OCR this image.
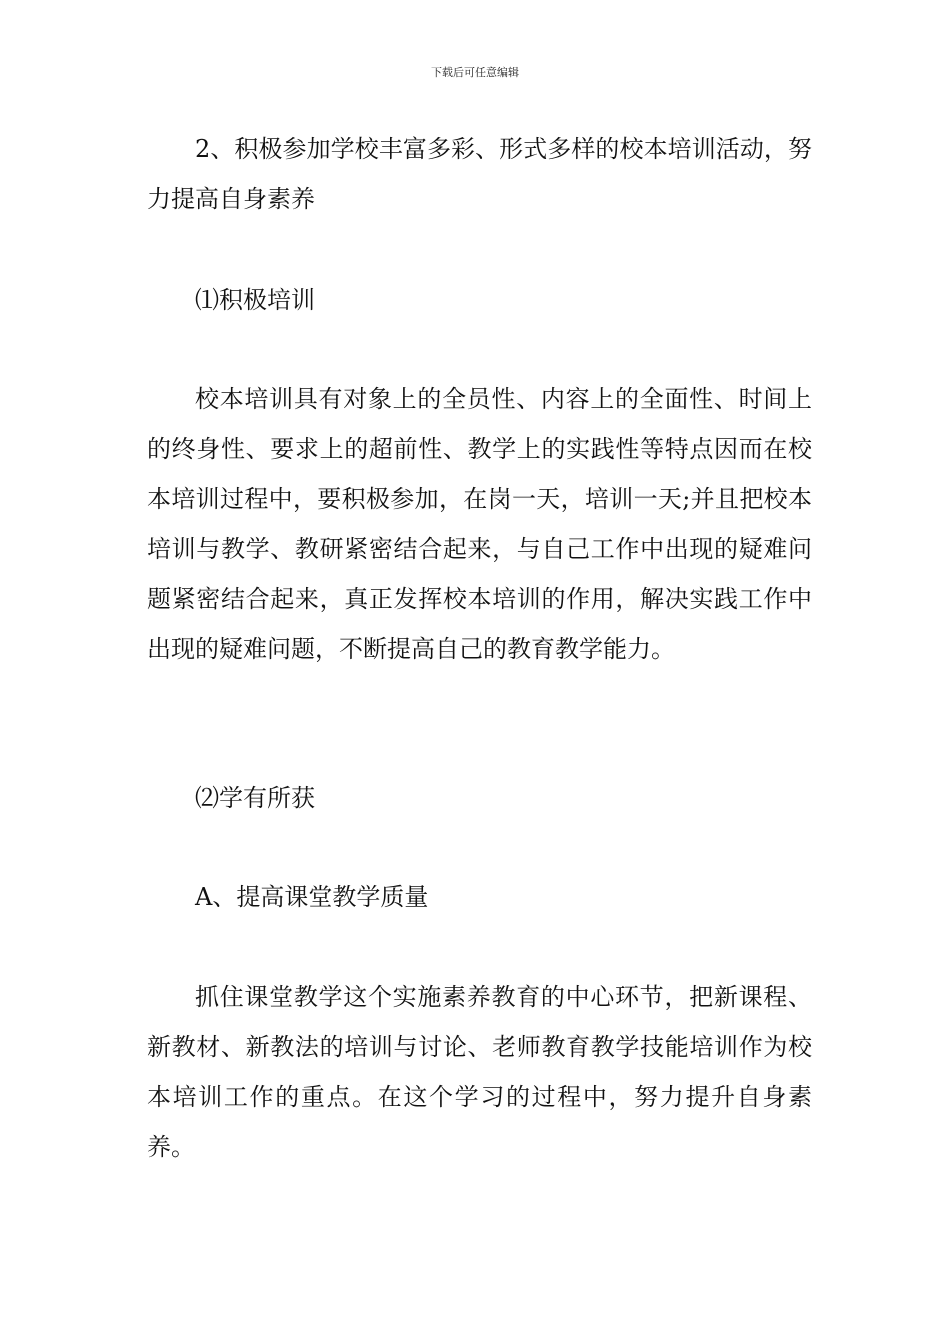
下载后可任意编辑

2、积极参加学校丰富多彩、形式多样的校本培训活动，努力提高自身素养

⑴积极培训

校本培训具有对象上的全员性、内容上的全面性、时间上的终身性、要求上的超前性、教学上的实践性等特点因而在校本培训过程中，要积极参加，在岗一天，培训一天;并且把校本培训与教学、教研紧密结合起来，与自己工作中出现的疑难问题紧密结合起来，真正发挥校本培训的作用，解决实践工作中出现的疑难问题，不断提高自己的教育教学能力。

⑵学有所获

A、提高课堂教学质量

抓住课堂教学这个实施素养教育的中心环节，把新课程、新教材、新教法的培训与讨论、老师教育教学技能培训作为校本培训工作的重点。在这个学习的过程中，努力提升自身素养。
